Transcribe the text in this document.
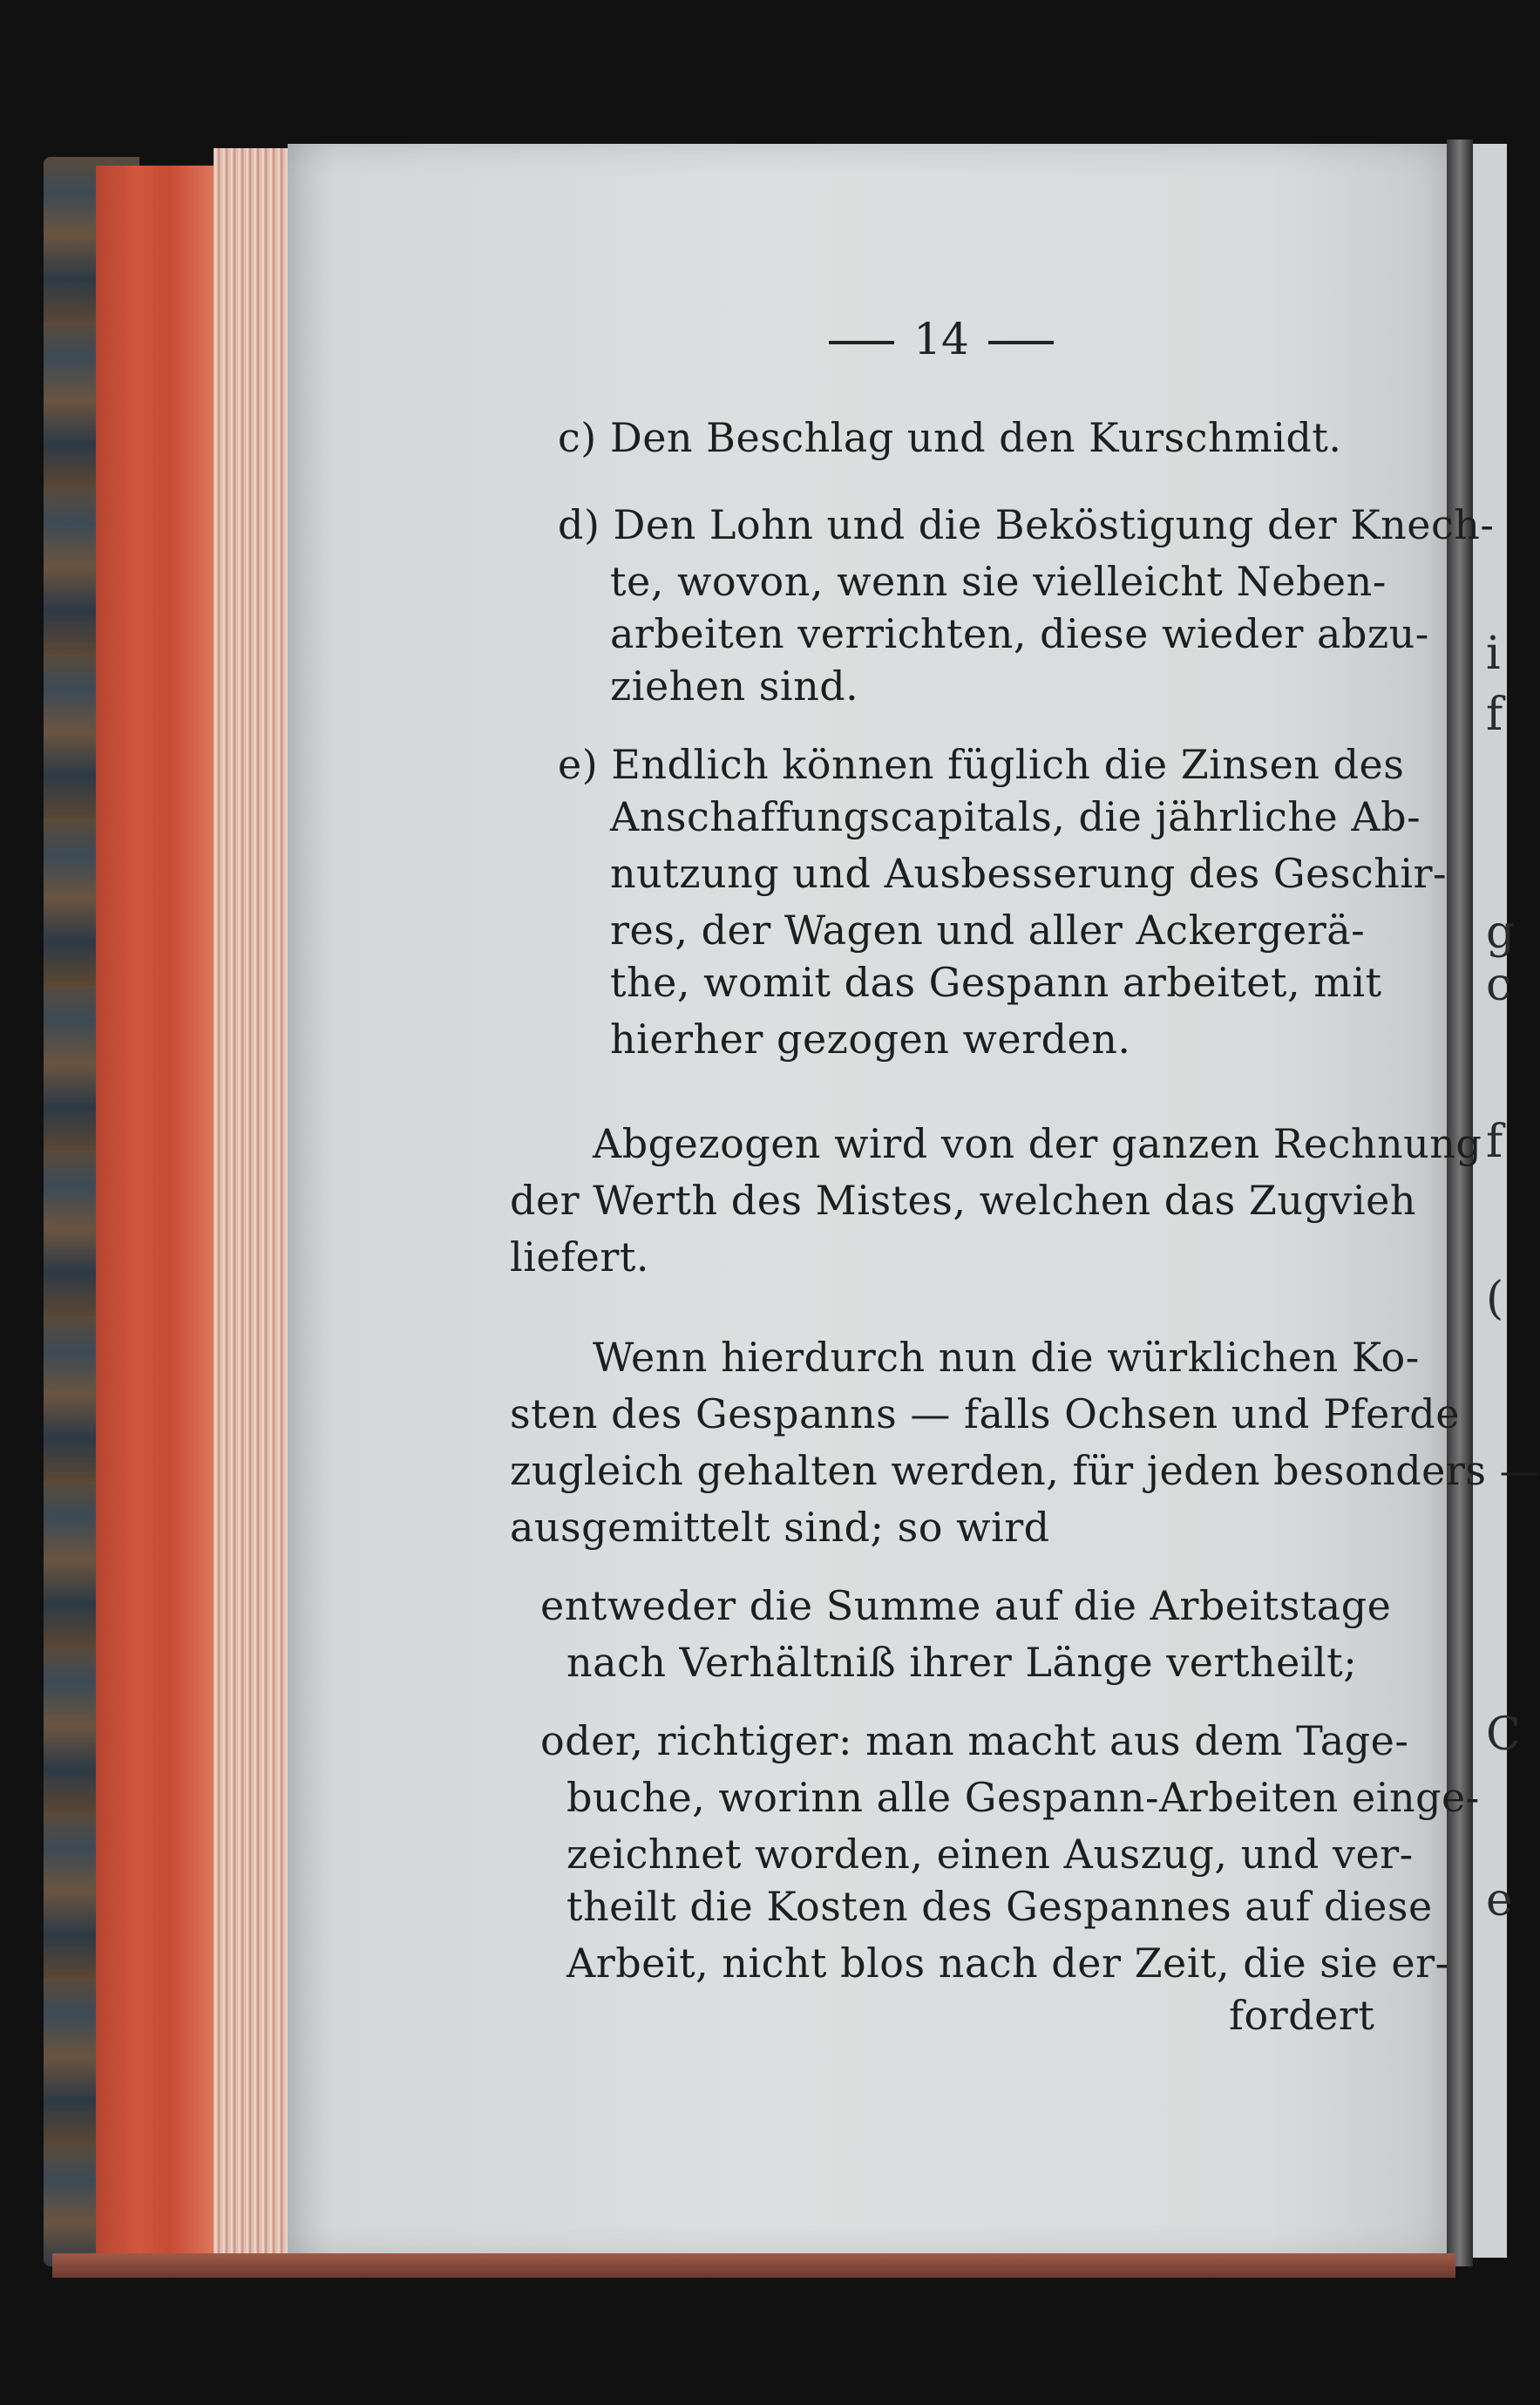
14
c) Den Beschlag und den Kurschmidt.
d) Den Lohn und die Beköstigung der Knech-
te, wovon, wenn sie vielleicht Neben-
arbeiten verrichten, diese wieder abzu-
ziehen sind.
e) Endlich können füglich die Zinsen des
Anschaffungscapitals, die jährliche Ab-
nutzung und Ausbesserung des Geschir-
res, der Wagen und aller Ackergerä-
the, womit das Gespann arbeitet, mit
hierher gezogen werden.
Abgezogen wird von der ganzen Rechnung
der Werth des Mistes, welchen das Zugvieh
liefert.
Wenn hierdurch nun die würklichen Ko-
sten des Gespanns — falls Ochsen und Pferde
zugleich gehalten werden, für jeden besonders —
ausgemittelt sind; so wird
entweder die Summe auf die Arbeitstage
nach Verhältniß ihrer Länge vertheilt;
oder, richtiger: man macht aus dem Tage-
buche, worinn alle Gespann-Arbeiten einge-
zeichnet worden, einen Auszug, und ver-
theilt die Kosten des Gespannes auf diese
Arbeit, nicht blos nach der Zeit, die sie er-
fordert
i
f
g
c
f
(
C
e
